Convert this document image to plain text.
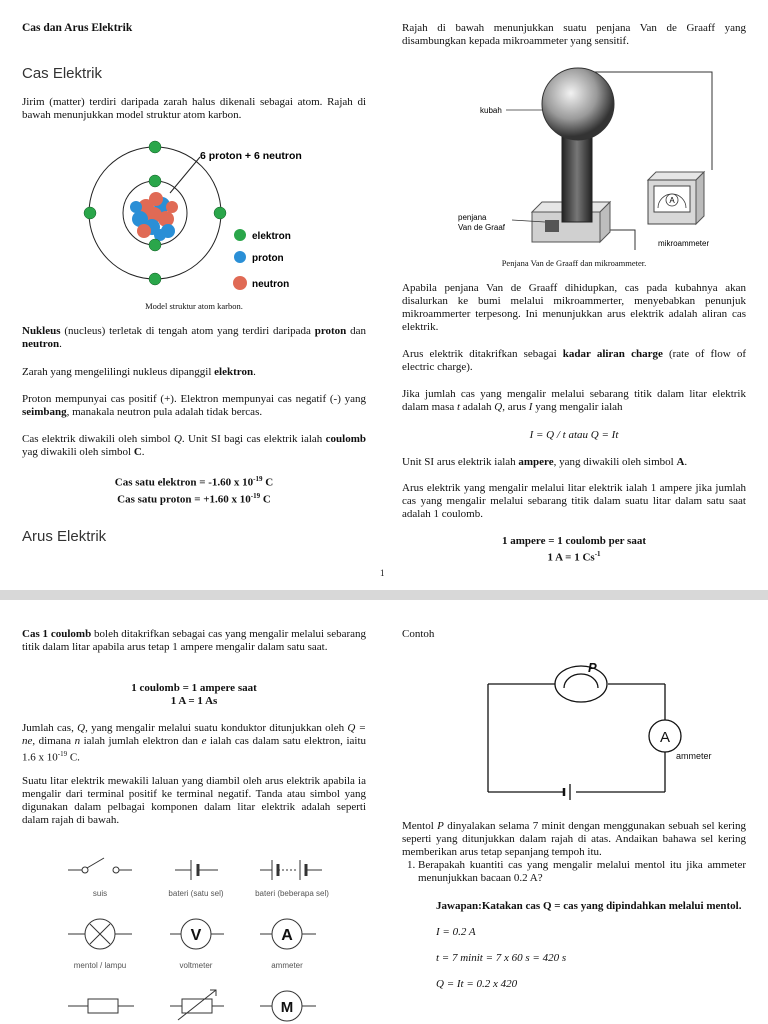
Cas dan Arus Elektrik
Cas Elektrik

Jirim (matter) terdiri daripada zarah halus dikenali sebagai atom. Rajah di bawah menunjukkan model struktur atom karbon.

6 proton + 6 neutron
elektron
proton
neutron
Model struktur atom karbon.

Nukleus (nucleus) terletak di tengah atom yang terdiri daripada proton dan neutron.

Zarah yang mengelilingi nukleus dipanggil elektron.

Proton mempunyai cas positif (+). Elektron mempunyai cas negatif (-) yang seimbang, manakala neutron pula adalah tidak bercas.

Cas elektrik diwakili oleh simbol Q. Unit SI bagi cas elektrik ialah coulomb yag diwakili oleh simbol C.

Cas satu elektron = -1.60 x $10^{-19}$ C
Cas satu proton = +1.60 x $10^{-19}$ C
Arus Elektrik

Rajah di bawah menunjukkan suatu penjana Van de Graaff yang disambungkan kepada mikroammeter yang sensitif.

A
kubah
penjana
Van de Graaf
mikroammeter
Penjana Van de Graaff dan mikroammeter.

Apabila penjana Van de Graaff dihidupkan, cas pada kubahnya akan disalurkan ke bumi melalui mikroammerter, menyebabkan penunjuk mikroammerter terpesong. Ini menunjukkan arus elektrik adalah aliran cas elektrik.

Arus elektrik ditakrifkan sebagai kadar aliran charge (rate of flow of electric charge).

Jika jumlah cas yang mengalir melalui sebarang titik dalam litar elektrik dalam masa t adalah Q, arus I yang mengalir ialah

I = Q / t atau Q = It

Unit SI arus elektrik ialah ampere, yang diwakili oleh simbol A.

Arus elektrik yang mengalir melalui litar elektrik ialah 1 ampere jika jumlah cas yang mengalir melalui sebarang titik dalam suatu litar dalam satu saat adalah 1 coulomb.

1 ampere = 1 coulomb per saat
1 A = 1 $Cs^{-1}$
1

Cas 1 coulomb boleh ditakrifkan sebagai cas yang mengalir melalui sebarang titik dalam litar apabila arus tetap 1 ampere mengalir dalam satu saat.

1 coulomb = 1 ampere saat
1 A = 1 As

Jumlah cas, Q, yang mengalir melalui suatu konduktor ditunjukkan oleh Q = ne, dimana n ialah jumlah elektron dan e ialah cas dalam satu elektron, iaitu 1.6 x $10^{-19}$ C.

Suatu litar elektrik mewakili laluan yang diambil oleh arus elektrik apabila ia mengalir dari terminal positif ke terminal negatif. Tanda atau simbol yang digunakan dalam pelbagai komponen dalam litar elektrik adalah seperti dalam rajah di bawah.

V	A
M
suis	bateri (satu sel)	bateri (beberapa sel)
mentol / lampu	voltmeter	ammeter

Contoh

P
A
ammeter

Mentol P dinyalakan selama 7 minit dengan menggunakan sebuah sel kering seperti yang ditunjukkan dalam rajah di atas. Andaikan bahawa sel kering memberikan arus tetap sepanjang tempoh itu.

1. Berapakah kuantiti cas yang mengalir melalui mentol itu jika ammeter menunjukkan bacaan 0.2 A?

Jawapan:Katakan cas Q = cas yang dipindahkan melalui mentol.

I = 0.2 A

t = 7 minit = 7 x 60 s = 420 s

Q = It = 0.2 x 420
